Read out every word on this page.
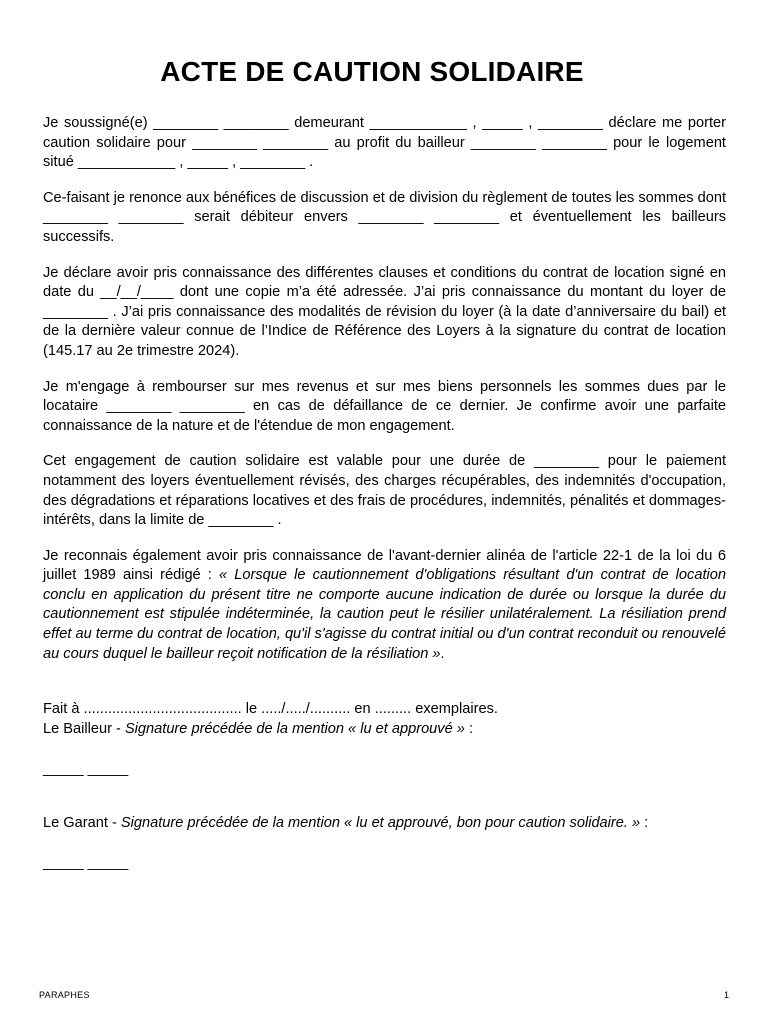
ACTE DE CAUTION SOLIDAIRE

Je soussigné(e) ________ ________ demeurant ____________ , _____ , ________ déclare me porter caution solidaire pour ________ ________ au profit du bailleur ________ ________ pour le logement situé ____________ , _____ , ________ .

Ce-faisant je renonce aux bénéfices de discussion et de division du règlement de toutes les sommes dont ________ ________ serait débiteur envers ________ ________ et éventuellement les bailleurs successifs.

Je déclare avoir pris connaissance des différentes clauses et conditions du contrat de location signé en date du __/__/____ dont une copie m’a été adressée. J’ai pris connaissance du montant du loyer de ________ . J’ai pris connaissance des modalités de révision du loyer (à la date d’anniversaire du bail) et de la dernière valeur connue de l’Indice de Référence des Loyers à la signature du contrat de location (145.17 au 2e trimestre 2024).

Je m'engage à rembourser sur mes revenus et sur mes biens personnels les sommes dues par le locataire ________ ________ en cas de défaillance de ce dernier. Je confirme avoir une parfaite connaissance de la nature et de l'étendue de mon engagement.

Cet engagement de caution solidaire est valable pour une durée de ________ pour le paiement notamment des loyers éventuellement révisés, des charges récupérables, des indemnités d'occupation, des dégradations et réparations locatives et des frais de procédures, indemnités, pénalités et dommages-intérêts, dans la limite de ________ .

Je reconnais également avoir pris connaissance de l'avant-dernier alinéa de l'article 22-1 de la loi du 6 juillet 1989 ainsi rédigé : « Lorsque le cautionnement d'obligations résultant d'un contrat de location conclu en application du présent titre ne comporte aucune indication de durée ou lorsque la durée du cautionnement est stipulée indéterminée, la caution peut le résilier unilatéralement. La résiliation prend effet au terme du contrat de location, qu'il s'agisse du contrat initial ou d'un contrat reconduit ou renouvelé au cours duquel le bailleur reçoit notification de la résiliation ».

Fait à ....................................... le ...../...../.......... en ......... exemplaires.

Le Bailleur - Signature précédée de la mention « lu et approuvé » :

_____ _____

Le Garant - Signature précédée de la mention « lu et approuvé, bon pour caution solidaire. » :

_____ _____

PARAPHES	1
